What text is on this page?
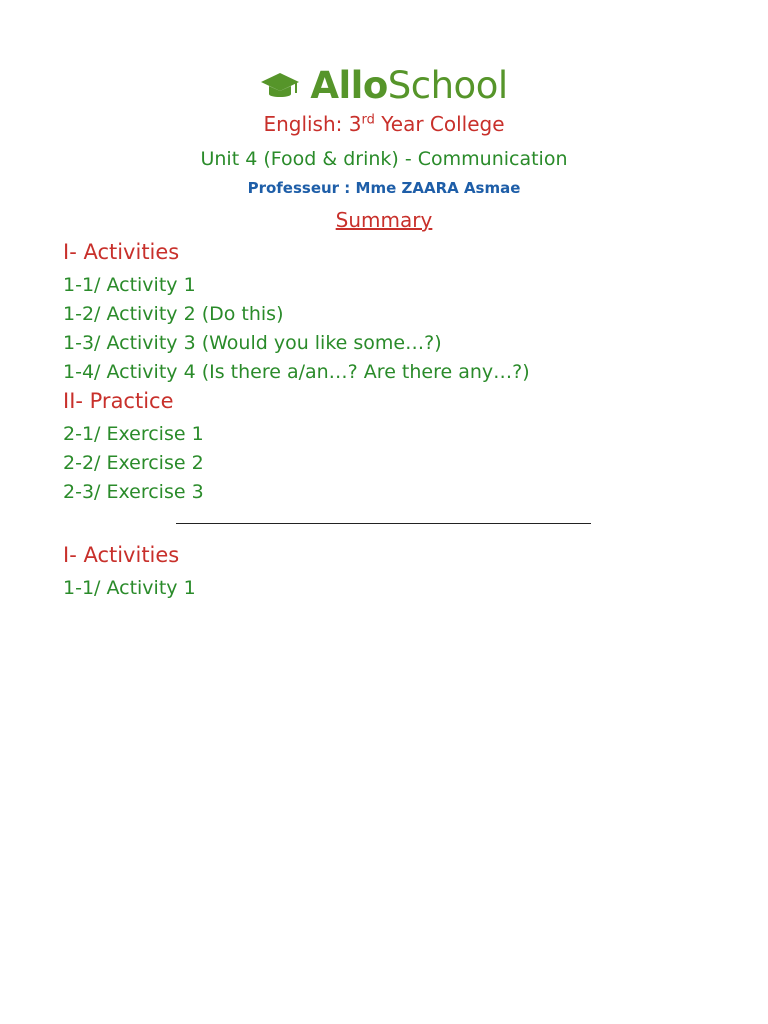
AlloSchool
English: 3rd Year College
Unit 4 (Food & drink) - Communication
Professeur : Mme ZAARA Asmae
Summary
I- Activities
1-1/ Activity 1
1-2/ Activity 2 (Do this)
1-3/ Activity 3 (Would you like some…?)
1-4/ Activity 4 (Is there a/an…? Are there any…?)
II- Practice
2-1/ Exercise 1
2-2/ Exercise 2
2-3/ Exercise 3
I- Activities
1-1/ Activity 1
